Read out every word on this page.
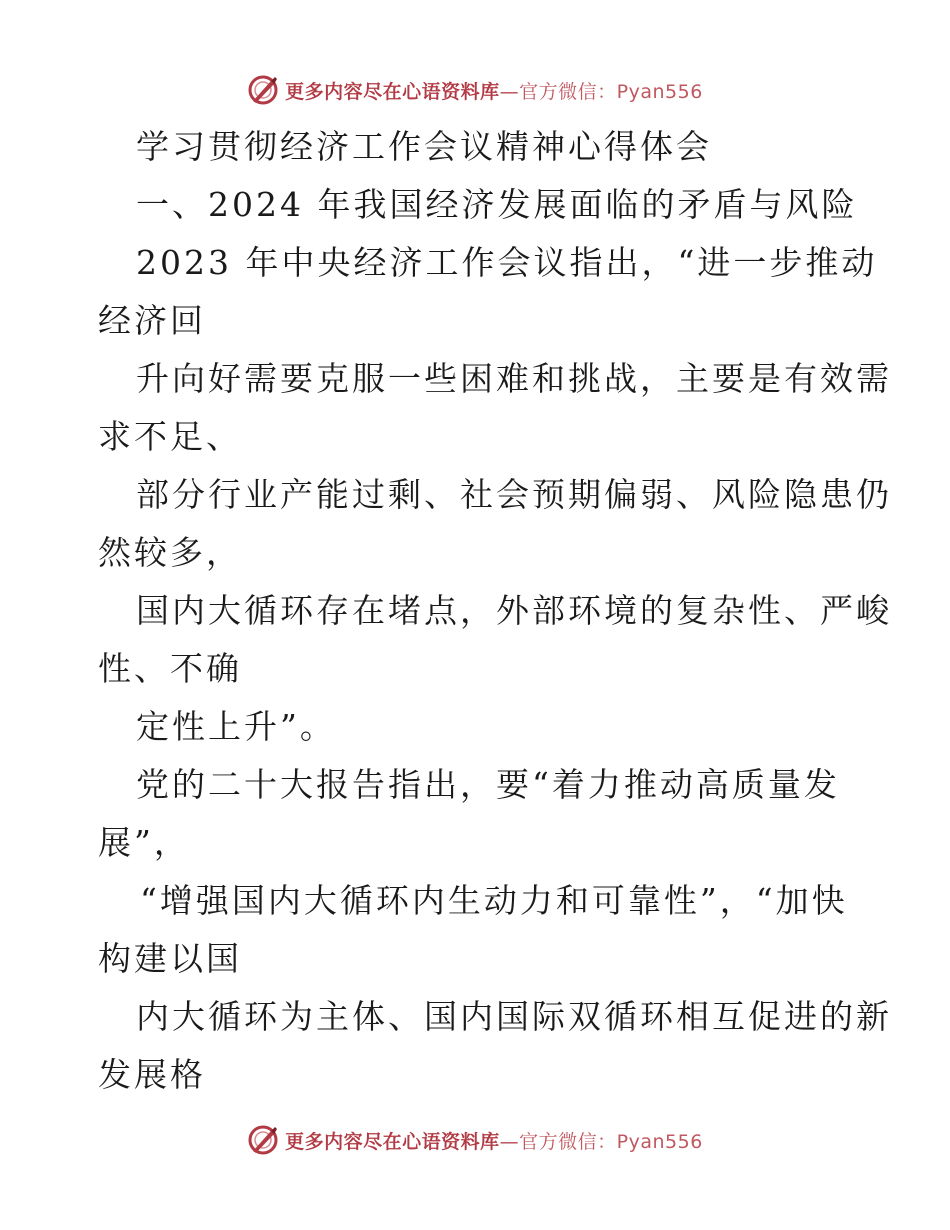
更多内容尽在心语资料库—官方微信：Pyan556
学习贯彻经济工作会议精神心得体会
一、2024 年我国经济发展面临的矛盾与风险
2023 年中央经济工作会议指出，“进一步推动
经济回
升向好需要克服一些困难和挑战，主要是有效需
求不足、
部分行业产能过剩、社会预期偏弱、风险隐患仍
然较多，
国内大循环存在堵点，外部环境的复杂性、严峻
性、不确
定性上升”。
党的二十大报告指出，要“着力推动高质量发
展”，
“增强国内大循环内生动力和可靠性”，“加快
构建以国
内大循环为主体、国内国际双循环相互促进的新
发展格
更多内容尽在心语资料库—官方微信：Pyan556
